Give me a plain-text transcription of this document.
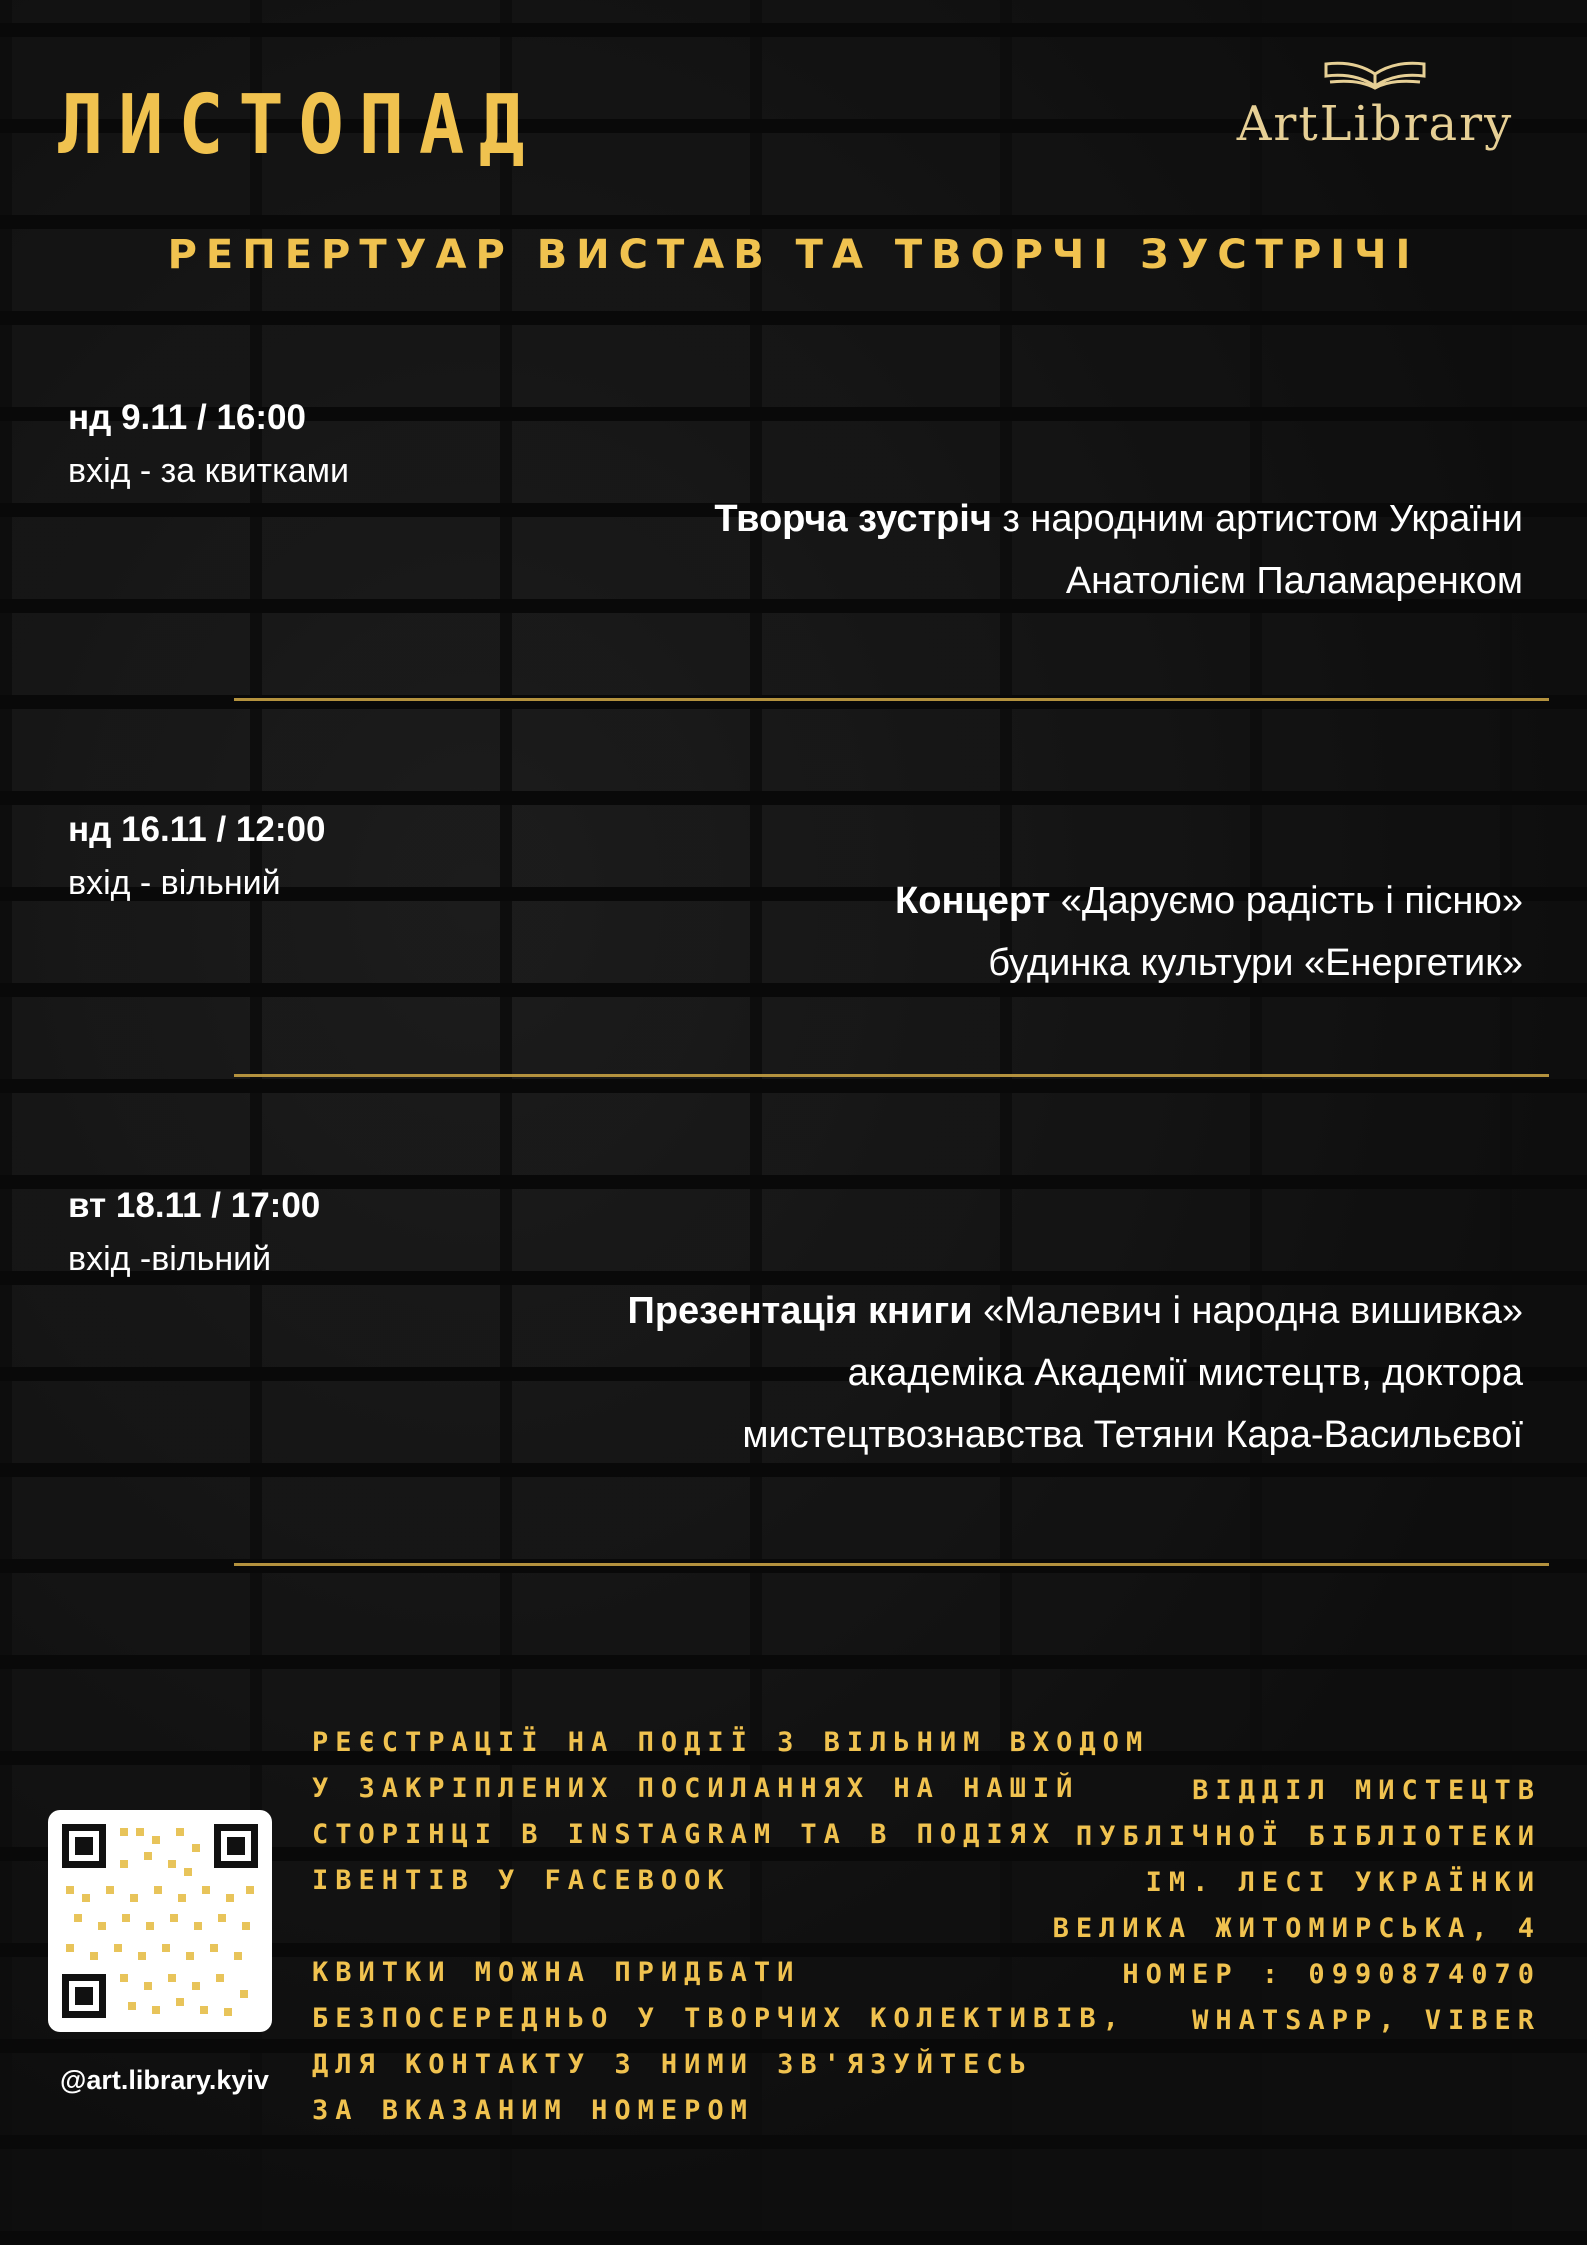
ЛИСТОПАД	ArtLibrary
РЕПЕРТУАР ВИСТАВ ТА ТВОРЧІ ЗУСТРІЧІ
нд 9.11 / 16:00
вхід - за квитками
Творча зустріч з народним артистом України
Анатолієм Паламаренком
нд 16.11 / 12:00
вхід - вільний	Концерт «Даруємо радість і пісню»
будинка культури «Енергетик»
вт 18.11 / 17:00
вхід -вільний
Презентація книги «Малевич і народна вишивка»
академіка Академії мистецтв, доктора
мистецтвознавства Тетяни Кара-Васильєвої
@art.library.kyiv
РЕЄСТРАЦІЇ НА ПОДІЇ З ВІЛЬНИМ ВХОДОМ
У ЗАКРІПЛЕНИХ ПОСИЛАННЯХ НА НАШІЙ
СТОРІНЦІ В INSTAGRAM ТА В ПОДІЯХ
ІВЕНТІВ У FACEBOOK
КВИТКИ МОЖНА ПРИДБАТИ
БЕЗПОСЕРЕДНЬО У ТВОРЧИХ КОЛЕКТИВІВ,
ДЛЯ КОНТАКТУ З НИМИ ЗВ'ЯЗУЙТЕСЬ
ЗА ВКАЗАНИМ НОМЕРОМ
ВІДДІЛ МИСТЕЦТВ
ПУБЛІЧНОЇ БІБЛІОТЕКИ
ІМ. ЛЕСІ УКРАЇНКИ
ВЕЛИКА ЖИТОМИРСЬКА, 4
НОМЕР : 0990874070
WHATSAPP, VIBER
